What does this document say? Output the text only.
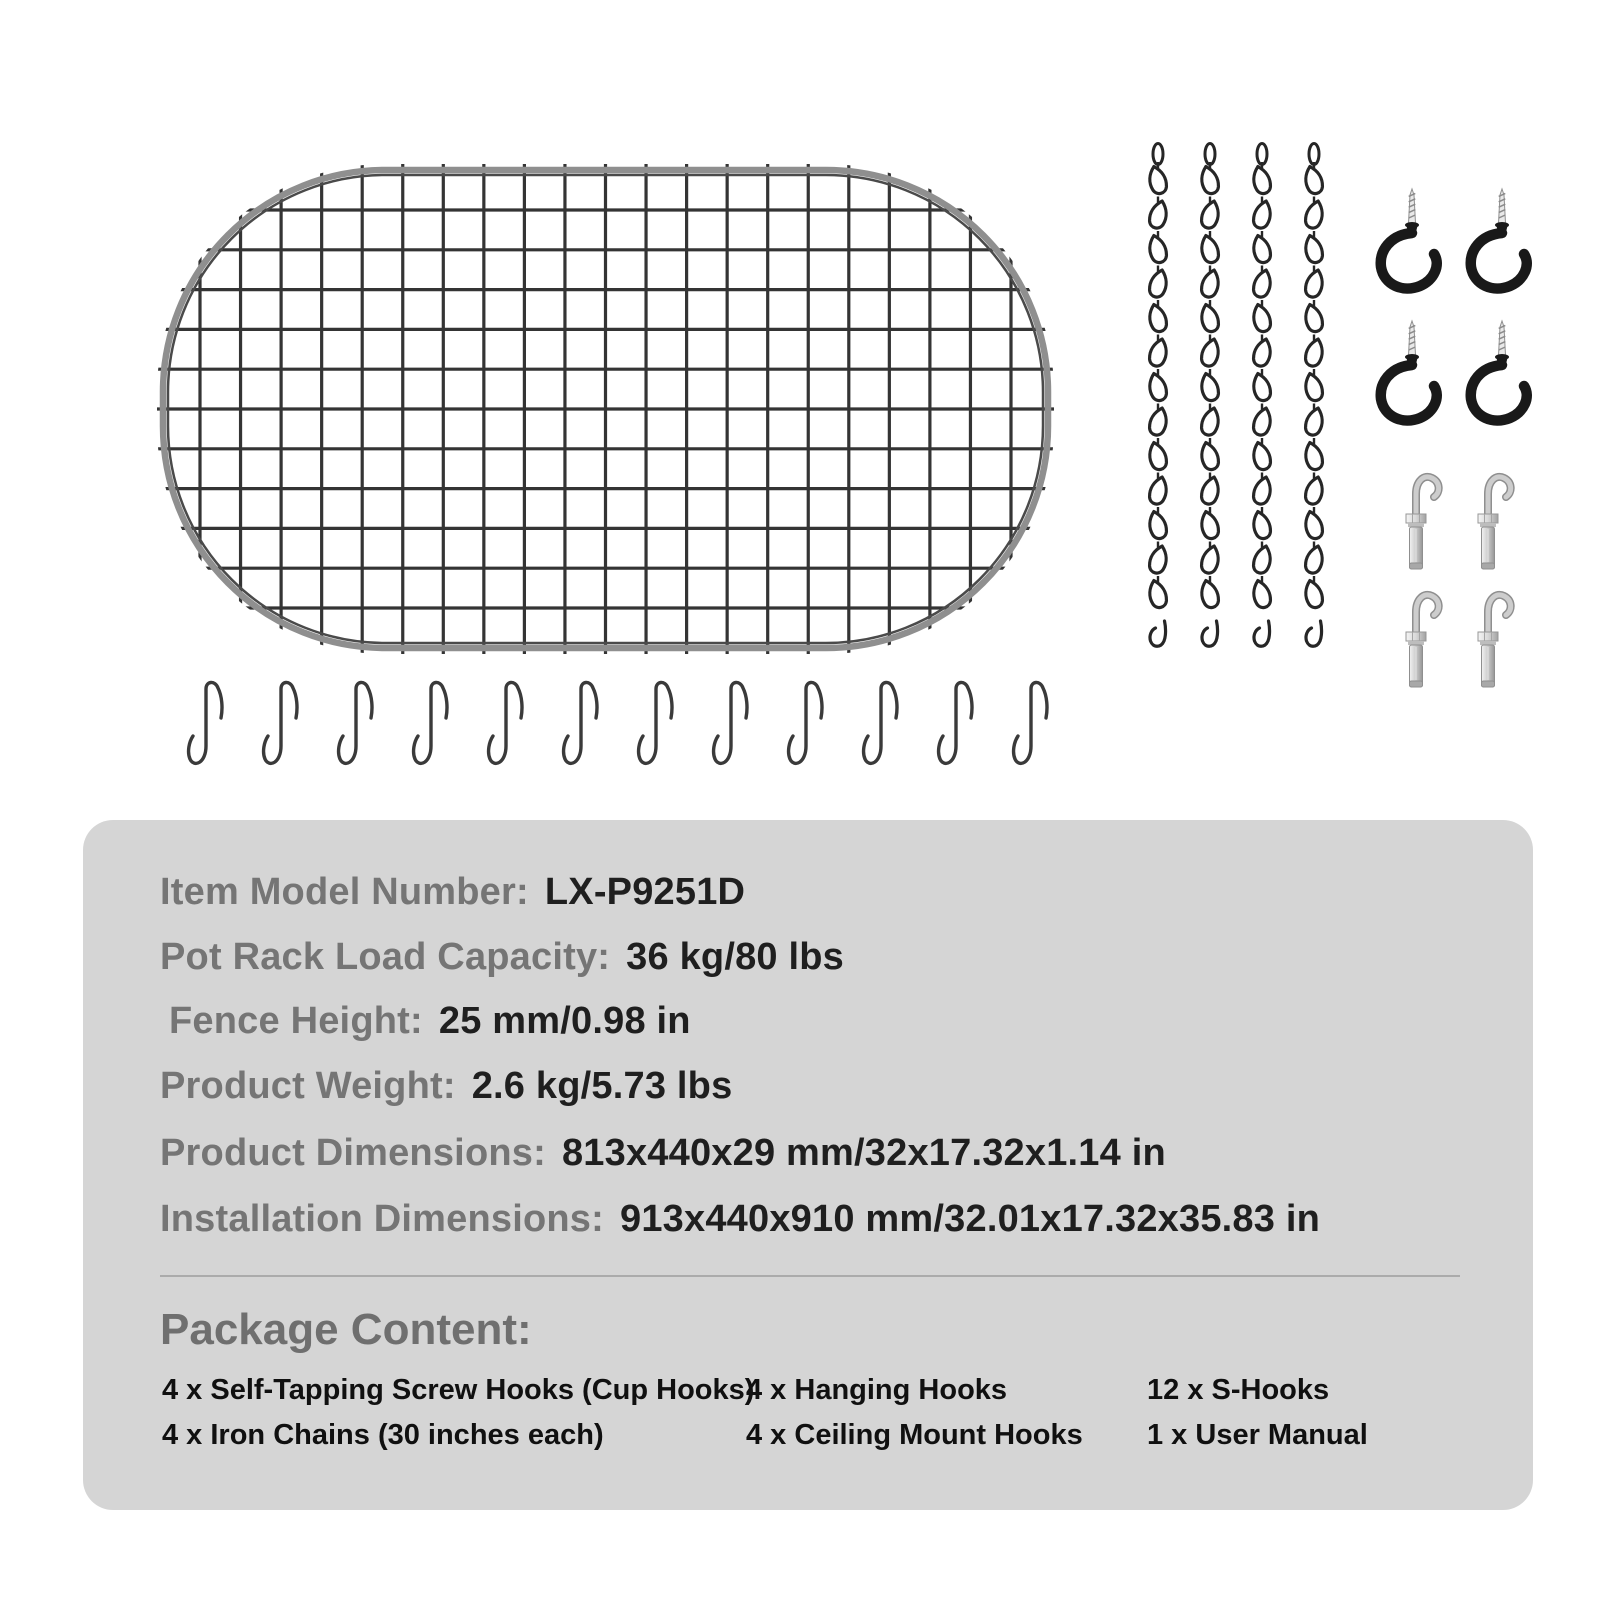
Item Model Number: LX-P9251D
Pot Rack Load Capacity: 36 kg/80 lbs
Fence Height: 25 mm/0.98 in
Product Weight: 2.6 kg/5.73 lbs
Product Dimensions: 813x440x29 mm/32x17.32x1.14 in
Installation Dimensions: 913x440x910 mm/32.01x17.32x35.83 in
Package Content:
4 x Self-Tapping Screw Hooks (Cup Hooks)
4 x Hanging Hooks	12 x S-Hooks
4 x Iron Chains (30 inches each)	4 x Ceiling Mount Hooks 1 x User Manual
